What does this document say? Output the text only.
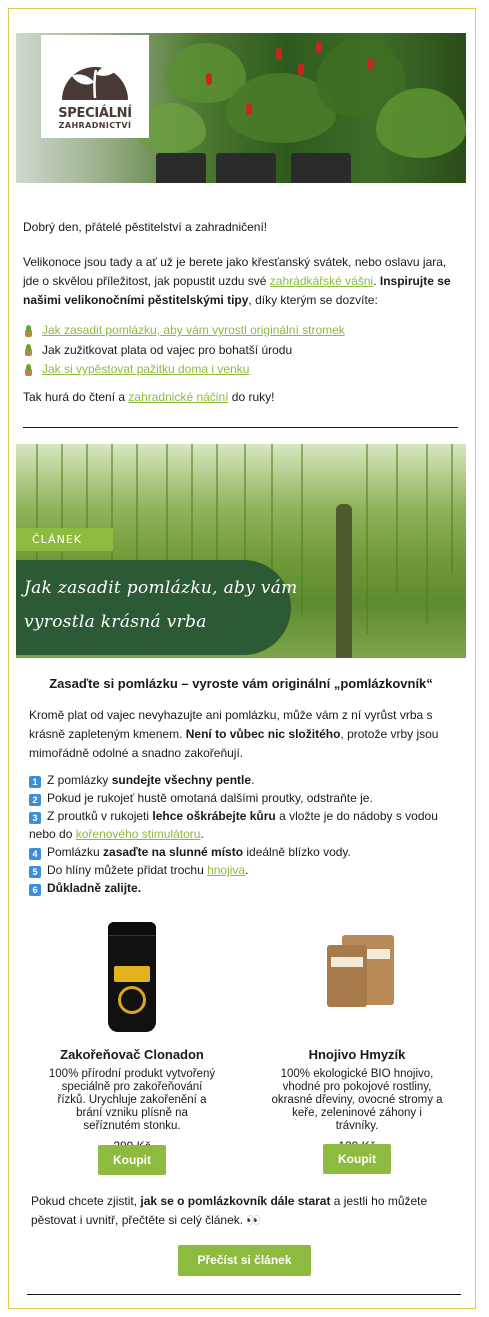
SPECIÁLNÍ
ZAHRADNICTVÍ
Dobrý den, přátelé pěstitelství a zahradničení!
Velikonoce jsou tady a ať už je berete jako křesťanský svátek, nebo oslavu jara, jde o skvělou příležitost, jak popustit uzdu své zahrádkářské vášni. Inspirujte se našimi velikonočními pěstitelskými tipy, díky kterým se dozvíte:
Jak zasadit pomlázku, aby vám vyrostl originální stromek
Jak zužitkovat plata od vajec pro bohatší úrodu
Jak si vypěstovat pažitku doma i venku
Tak hurá do čtení a zahradnické náčiní do ruky!
ČLÁNEK
Jak zasadit pomlázku, aby vám
vyrostla krásná vrba
Zasaďte si pomlázku – vyroste vám originální „pomlázkovník“
Kromě plat od vajec nevyhazujte ani pomlázku, může vám z ní vyrůst vrba s krásně zapleteným kmenem. Není to vůbec nic složitého, protože vrby jsou mimořádně odolné a snadno zakořeňují.
1 Z pomlázky sundejte všechny pentle.
2 Pokud je rukojeť hustě omotaná dalšími proutky, odstraňte je.
3 Z proutků v rukojeti lehce oškrábejte kůru a vložte je do nádoby s vodou nebo do kořenového stimulátoru.
4 Pomlázku zasaďte na slunné místo ideálně blízko vody.
5 Do hlíny můžete přidat trochu hnojiva.
6 Důkladně zalijte.
Zakořeňovač Clonadon
100% přírodní produkt vytvořený speciálně pro zakořeňování řízků. Urychluje zakořenění a brání vzniku plísně na seříznutém stonku.
Koupit
Hnojivo Hmyzík
100% ekologické BIO hnojivo, vhodné pro pokojové rostliny, okrasné dřeviny, ovocné stromy a keře, zeleninové záhony i trávníky.
Koupit
Pokud chcete zjistit, jak se o pomlázkovník dále starat a jestli ho můžete pěstovat i uvnitř, přečtěte si celý článek. 👀
Přečíst si článek
